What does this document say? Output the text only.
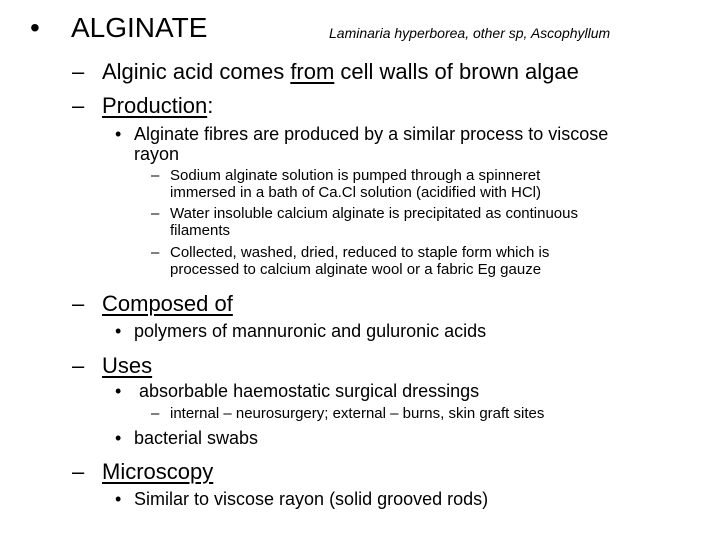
• ALGINATE	Laminaria hyperborea, other sp, Ascophyllum
– Alginic acid comes from cell walls of brown algae
– Production:
• Alginate fibres are produced by a similar process to viscose
rayon
– Sodium alginate solution is pumped through a spinneret
immersed in a bath of Ca.Cl solution (acidified with HCl)
– Water insoluble calcium alginate is precipitated as continuous
filaments
– Collected, washed, dried, reduced to staple form which is
processed to calcium alginate wool or a fabric Eg gauze
– Composed of
• polymers of mannuronic and guluronic acids
– Uses
• absorbable haemostatic surgical dressings
– internal – neurosurgery; external – burns, skin graft sites
• bacterial swabs
– Microscopy
• Similar to viscose rayon (solid grooved rods)
